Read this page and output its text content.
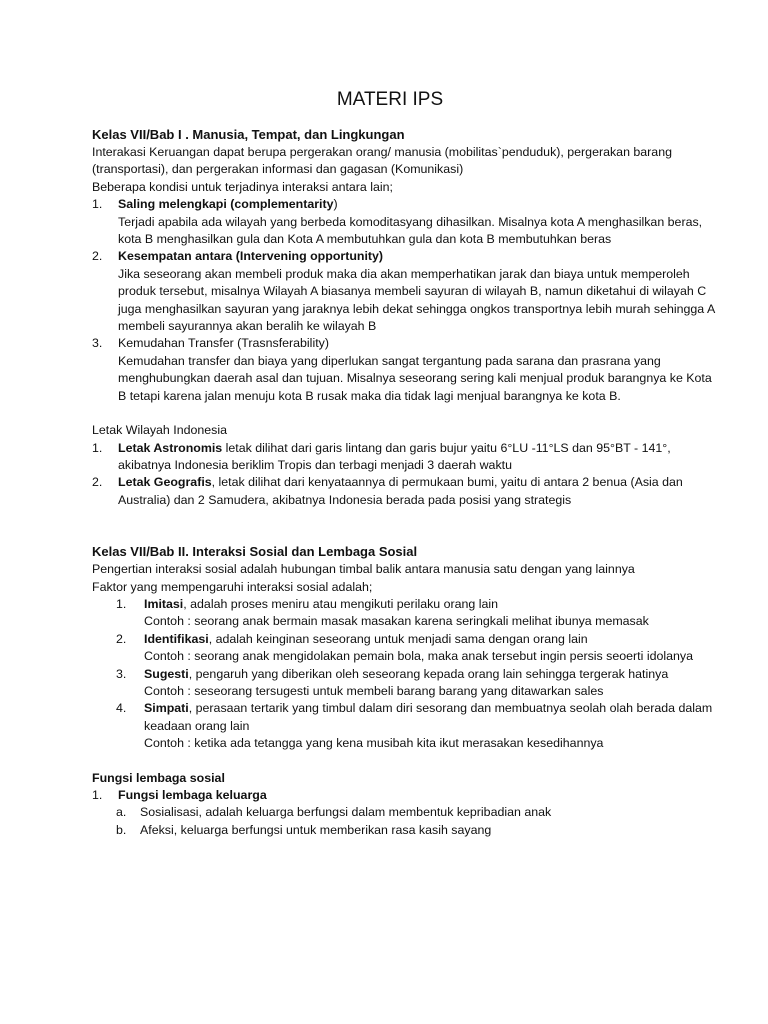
MATERI IPS
Kelas VII/Bab I . Manusia, Tempat, dan Lingkungan

Interakasi Keruangan dapat berupa pergerakan orang/ manusia (mobilitas`penduduk), pergerakan barang (transportasi), dan pergerakan informasi dan gagasan (Komunikasi)

Beberapa kondisi untuk terjadinya interaksi antara lain;

1. Saling melengkapi (complementarity)
Terjadi apabila ada wilayah yang berbeda komoditasyang dihasilkan. Misalnya kota A menghasilkan beras, kota B menghasilkan gula dan Kota A membutuhkan gula dan kota B membutuhkan beras
2. Kesempatan antara (Intervening opportunity)
Jika seseorang akan membeli produk maka dia akan memperhatikan jarak dan biaya untuk memperoleh produk tersebut, misalnya Wilayah A biasanya membeli sayuran di wilayah B, namun diketahui di wilayah C juga menghasilkan sayuran yang jaraknya lebih dekat sehingga ongkos transportnya lebih murah sehingga A membeli sayurannya akan beralih ke wilayah B
3. Kemudahan Transfer (Trasnsferability)
Kemudahan transfer dan biaya yang diperlukan sangat tergantung pada sarana dan prasrana yang menghubungkan daerah asal dan tujuan. Misalnya seseorang sering kali menjual produk barangnya ke Kota B tetapi karena jalan menuju kota B rusak maka dia tidak lagi menjual barangnya ke kota B.

Letak Wilayah Indonesia

1. Letak Astronomis letak dilihat dari garis lintang dan garis bujur yaitu 6°LU -11°LS dan 95°BT - 141°, akibatnya Indonesia beriklim Tropis dan terbagi menjadi 3 daerah waktu
2. Letak Geografis, letak dilihat dari kenyataannya di permukaan bumi, yaitu di antara 2 benua (Asia dan Australia) dan 2 Samudera, akibatnya Indonesia berada pada posisi yang strategis
Kelas VII/Bab II. Interaksi Sosial dan Lembaga Sosial

Pengertian interaksi sosial adalah hubungan timbal balik antara manusia satu dengan yang lainnya

Faktor yang mempengaruhi interaksi sosial adalah;

1. Imitasi, adalah proses meniru atau mengikuti perilaku orang lain
Contoh : seorang anak bermain masak masakan karena seringkali melihat ibunya memasak
2. Identifikasi, adalah keinginan seseorang untuk menjadi sama dengan orang lain
Contoh : seorang anak mengidolakan pemain bola, maka anak tersebut ingin persis seoerti idolanya
3. Sugesti, pengaruh yang diberikan oleh seseorang kepada orang lain sehingga tergerak hatinya
Contoh : seseorang tersugesti untuk membeli barang barang yang ditawarkan sales
4. Simpati, perasaan tertarik yang timbul dalam diri sesorang dan membuatnya seolah olah berada dalam keadaan orang lain
Contoh : ketika ada tetangga yang kena musibah kita ikut merasakan kesedihannya

Fungsi lembaga sosial

1. Fungsi lembaga keluarga
a. Sosialisasi, adalah keluarga berfungsi dalam membentuk kepribadian anak
b. Afeksi, keluarga berfungsi untuk memberikan rasa kasih sayang
